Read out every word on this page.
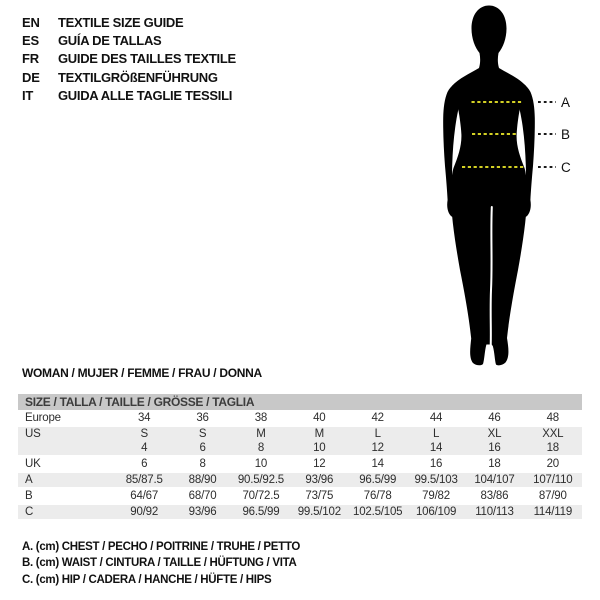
EN	TEXTILE SIZE GUIDE
ES	GUÍA DE TALLAS
FR	GUIDE DES TAILLES TEXTILE
DE	TEXTILGRÖßENFÜHRUNG
IT	GUIDA ALLE TAGLIE TESSILI	A
B
C
WOMAN / MUJER / FEMME / FRAU / DONNA
SIZE / TALLA / TAILLE / GRÖSSE / TAGLIA
Europe	34	36	38	40	42	44	46	48
US	S	S	M	M	L	L	XL	XXL
4	6	8	10	12	14	16	18
UK	6	8	10	12	14	16	18	20
A	85/87.5	88/90	90.5/92.5	93/96	96.5/99	99.5/103	104/107	107/110
B	64/67	68/70	70/72.5	73/75	76/78	79/82	83/86	87/90
C	90/92	93/96	96.5/99	99.5/102	102.5/105	106/109	110/113	114/119
A. (cm) CHEST / PECHO / POITRINE / TRUHE / PETTO
B. (cm) WAIST / CINTURA / TAILLE / HÜFTUNG / VITA
C. (cm) HIP / CADERA / HANCHE / HÜFTE / HIPS
